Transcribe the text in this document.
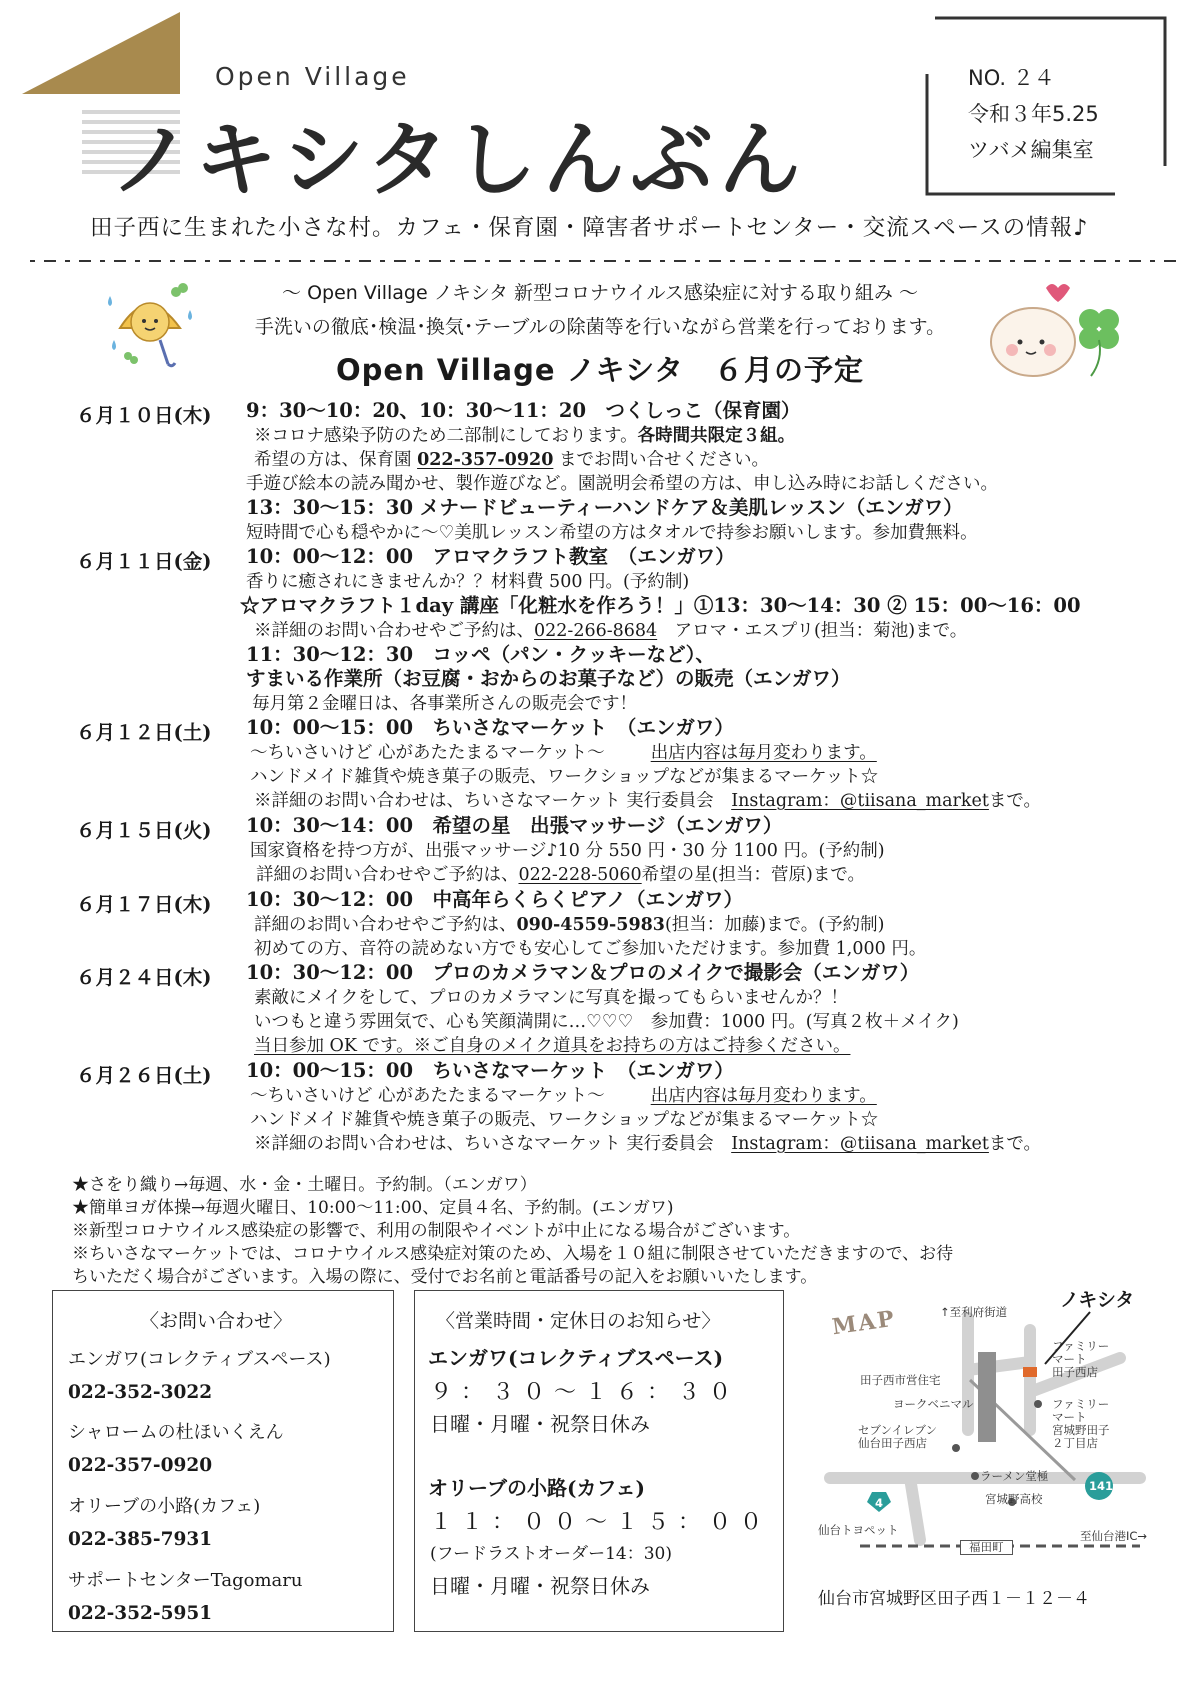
Open Village
ノキシタしんぶん
NO. ２４
令和３年5.25
ツバメ編集室
田子西に生まれた小さな村。カフェ・保育園・障害者サポートセンター・交流スペースの情報♪
～ Open Village ノキシタ 新型コロナウイルス感染症に対する取り組み ～
手洗いの徹底･検温･換気･テーブルの除菌等を行いながら営業を行っております。
Open Village ノキシタ　６月の予定
６月１０日(木) 9：30～10：20、10：30～11：20　つくしっこ（保育園）
※コロナ感染予防のため二部制にしております。各時間共限定３組。
希望の方は、保育園 022-357-0920 までお問い合せください。
手遊び絵本の読み聞かせ、製作遊びなど。園説明会希望の方は、申し込み時にお話しください。
13：30～15：30 メナードビューティーハンドケア＆美肌レッスン（エンガワ）
短時間で心も穏やかに～♡美肌レッスン希望の方はタオルで持参お願いします。参加費無料。
６月１１日(金) 10：00～12：00　アロマクラフト教室　（エンガワ）
香りに癒されにきませんか？？材料費 500 円。(予約制)
☆アロマクラフト１day 講座「化粧水を作ろう！」①13：30～14：30 ② 15：00～16：00
※詳細のお問い合わせやご予約は、022-266-8684　 アロマ・エスプリ(担当：菊池)まで。
11：30～12：30　コッペ（パン・クッキーなど）、
すまいる作業所（お豆腐・おからのお菓子など）の販売（エンガワ）
毎月第２金曜日は、各事業所さんの販売会です！
６月１２日(土) 10：00～15：00　ちいさなマーケット　（エンガワ）
～ちいさいけど 心があたたまるマーケット～	出店内容は毎月変わります。
ハンドメイド雑貨や焼き菓子の販売、ワークショップなどが集まるマーケット☆
※詳細のお問い合わせは、ちいさなマーケット 実行委員会　 Instagram：@tiisana_marketまで。
６月１５日(火) 10：30～14：00　希望の星　出張マッサージ（エンガワ）
国家資格を持つ方が、出張マッサージ♪10 分 550 円・30 分 1100 円。(予約制)
詳細のお問い合わせやご予約は、022-228-5060希望の星(担当：菅原)まで。
６月１７日(木) 10：30～12：00　中高年らくらくピアノ（エンガワ）
詳細のお問い合わせやご予約は、090-4559-5983(担当：加藤)まで。(予約制)
初めての方、音符の読めない方でも安心してご参加いただけます。参加費 1,000 円。
６月２４日(木) 10：30～12：00　プロのカメラマン＆プロのメイクで撮影会（エンガワ）
素敵にメイクをして、プロのカメラマンに写真を撮ってもらいませんか？！
いつもと違う雰囲気で、心も笑顔満開に…♡♡♡　参加費：1000 円。(写真２枚＋メイク)
当日参加 OK です。※ご自身のメイク道具をお持ちの方はご持参ください。
６月２６日(土) 10：00～15：00　ちいさなマーケット　（エンガワ）
～ちいさいけど 心があたたまるマーケット～	出店内容は毎月変わります。
ハンドメイド雑貨や焼き菓子の販売、ワークショップなどが集まるマーケット☆
※詳細のお問い合わせは、ちいさなマーケット 実行委員会　 Instagram：@tiisana_marketまで。
★さをり織り→毎週、水・金・土曜日。予約制。（エンガワ）
★簡単ヨガ体操→毎週火曜日、10:00～11:00、定員４名、予約制。(エンガワ)
※新型コロナウイルス感染症の影響で、利用の制限やイベントが中止になる場合がございます。
※ちいさなマーケットでは、コロナウイルス感染症対策のため、入場を１０組に制限させていただきますので、お待
ちいただく場合がございます。入場の際に、受付でお名前と電話番号の記入をお願いいたします。
〈お問い合わせ〉
エンガワ(コレクティブスペース)
022-352-3022
シャロームの杜ほいくえん
022-357-0920
オリーブの小路(カフェ)
022-385-7931
サポートセンターTagomaru
022-352-5951
〈営業時間・定休日のお知らせ〉
エンガワ(コレクティブスペース)
９：３０～１６：３０
日曜・月曜・祝祭日休み
オリーブの小路(カフェ)
１１：００～１５：００
(フードラストオーダー14：30)
日曜・月曜・祝祭日休み
ノキシタ
MAP	↑至利府街道
ファミリー
マート
田子西店
田子西市営住宅
ヨークベニマル	ファミリー
マート
宮城野田子
２丁目店
セブンイレブン
仙台田子西店
ラーメン堂極
宮城野高校
141
4
仙台トヨペット
福田町
至仙台港IC→
仙台市宮城野区田子西１－１２－４
